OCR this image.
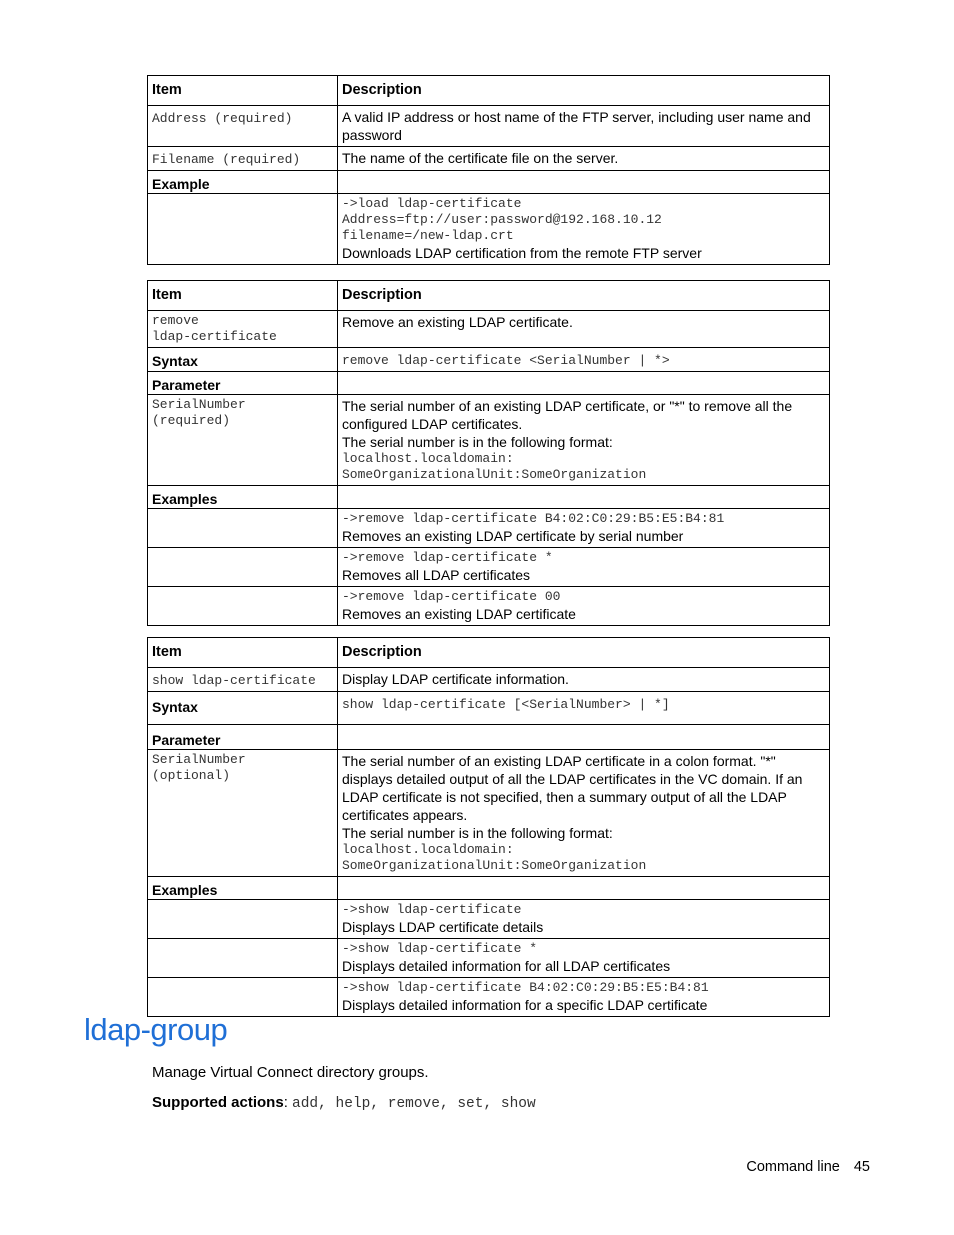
Item	Description
Address (required)	A valid IP address or host name of the FTP server, including user name and password
Filename (required)	The name of the certificate file on the server.
Example	

	->load ldap-certificate
Address=ftp://user:password@192.168.10.12
filename=/new-ldap.crt
Downloads LDAP certification from the remote FTP server
Item	Description

remove
ldap-certificate	Remove an existing LDAP certificate.
Syntax	remove ldap-certificate <SerialNumber | *>
Parameter	

SerialNumber
(required)	The serial number of an existing LDAP certificate, or "*" to remove all the configured LDAP certificates.
The serial number is in the following format:
localhost.localdomain:
SomeOrganizationalUnit:SomeOrganization

Examples	

	->remove ldap-certificate B4:02:C0:29:B5:E5:B4:81
Removes an existing LDAP certificate by serial number

	->remove ldap-certificate *
Removes all LDAP certificates

	->remove ldap-certificate 00
Removes an existing LDAP certificate
Item	Description
show ldap-certificate	Display LDAP certificate information.
Syntax	show ldap-certificate [<SerialNumber> | *]
Parameter	

SerialNumber
(optional)	The serial number of an existing LDAP certificate in a colon format. "*" displays detailed output of all the LDAP certificates in the VC domain. If an LDAP certificate is not specified, then a summary output of all the LDAP certificates appears.
The serial number is in the following format:
localhost.localdomain:
SomeOrganizationalUnit:SomeOrganization

Examples	

	->show ldap-certificate
Displays LDAP certificate details

	->show ldap-certificate *
Displays detailed information for all LDAP certificates

	->show ldap-certificate B4:02:C0:29:B5:E5:B4:81
Displays detailed information for a specific LDAP certificate
ldap-group
Manage Virtual Connect directory groups.
Supported actions: add, help, remove, set, show
Command line 45
